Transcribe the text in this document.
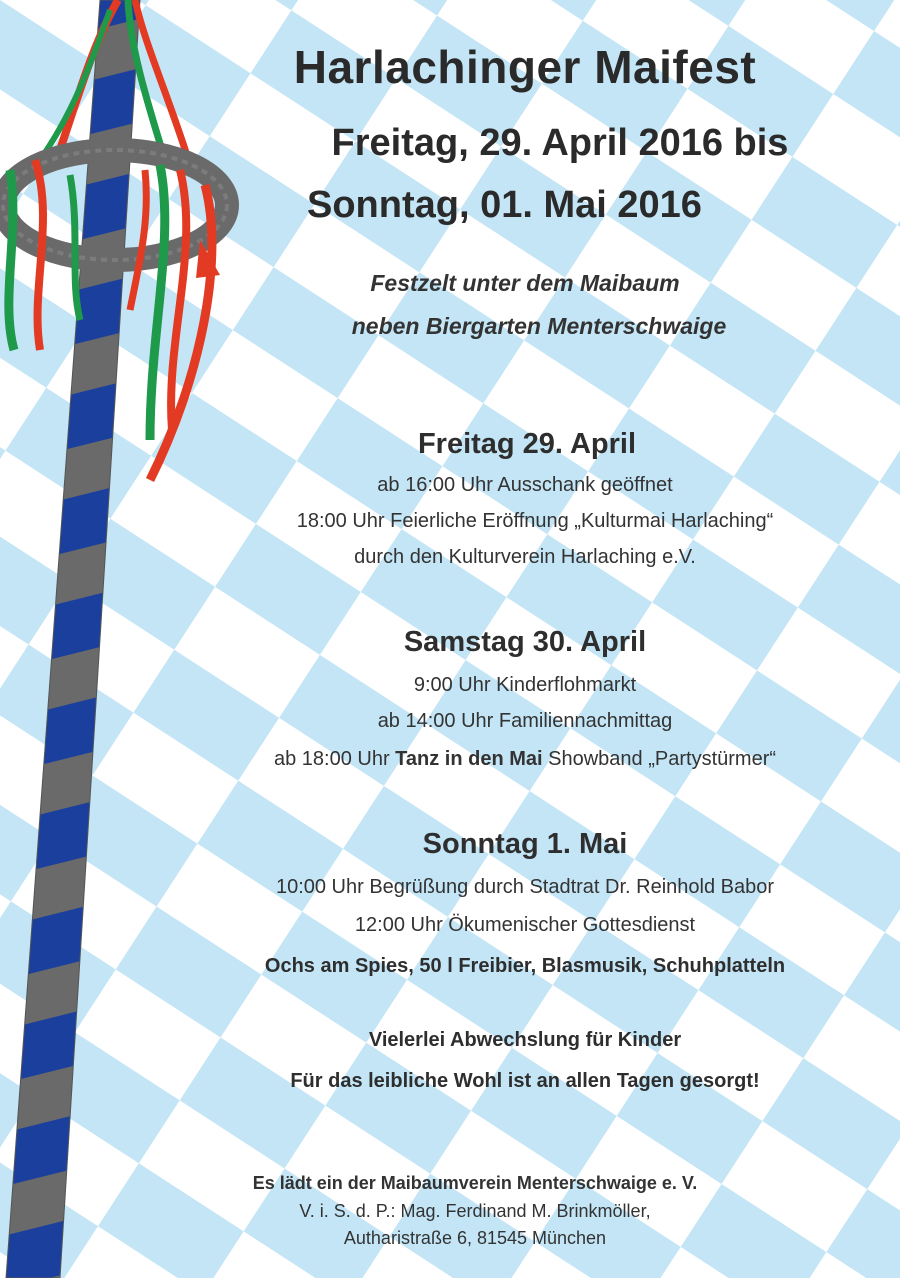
Harlachinger Maifest
Freitag, 29. April 2016 bis
Sonntag, 01. Mai 2016
Festzelt unter dem Maibaum
neben Biergarten Menterschwaige
Freitag 29. April
ab 16:00 Uhr Ausschank geöffnet
18:00 Uhr Feierliche Eröffnung „Kulturmai Harlaching“
durch den Kulturverein Harlaching e.V.
Samstag 30. April
9:00 Uhr Kinderflohmarkt
ab 14:00 Uhr Familiennachmittag
ab 18:00 Uhr Tanz in den Mai Showband „Partystürmer“
Sonntag 1. Mai
10:00 Uhr Begrüßung durch Stadtrat Dr. Reinhold Babor
12:00 Uhr Ökumenischer Gottesdienst
Ochs am Spies, 50 l Freibier, Blasmusik, Schuhplatteln
Vielerlei Abwechslung für Kinder
Für das leibliche Wohl ist an allen Tagen gesorgt!
Es lädt ein der Maibaumverein Menterschwaige e. V.
V. i. S. d. P.: Mag. Ferdinand M. Brinkmöller,
Autharistraße 6, 81545 München
